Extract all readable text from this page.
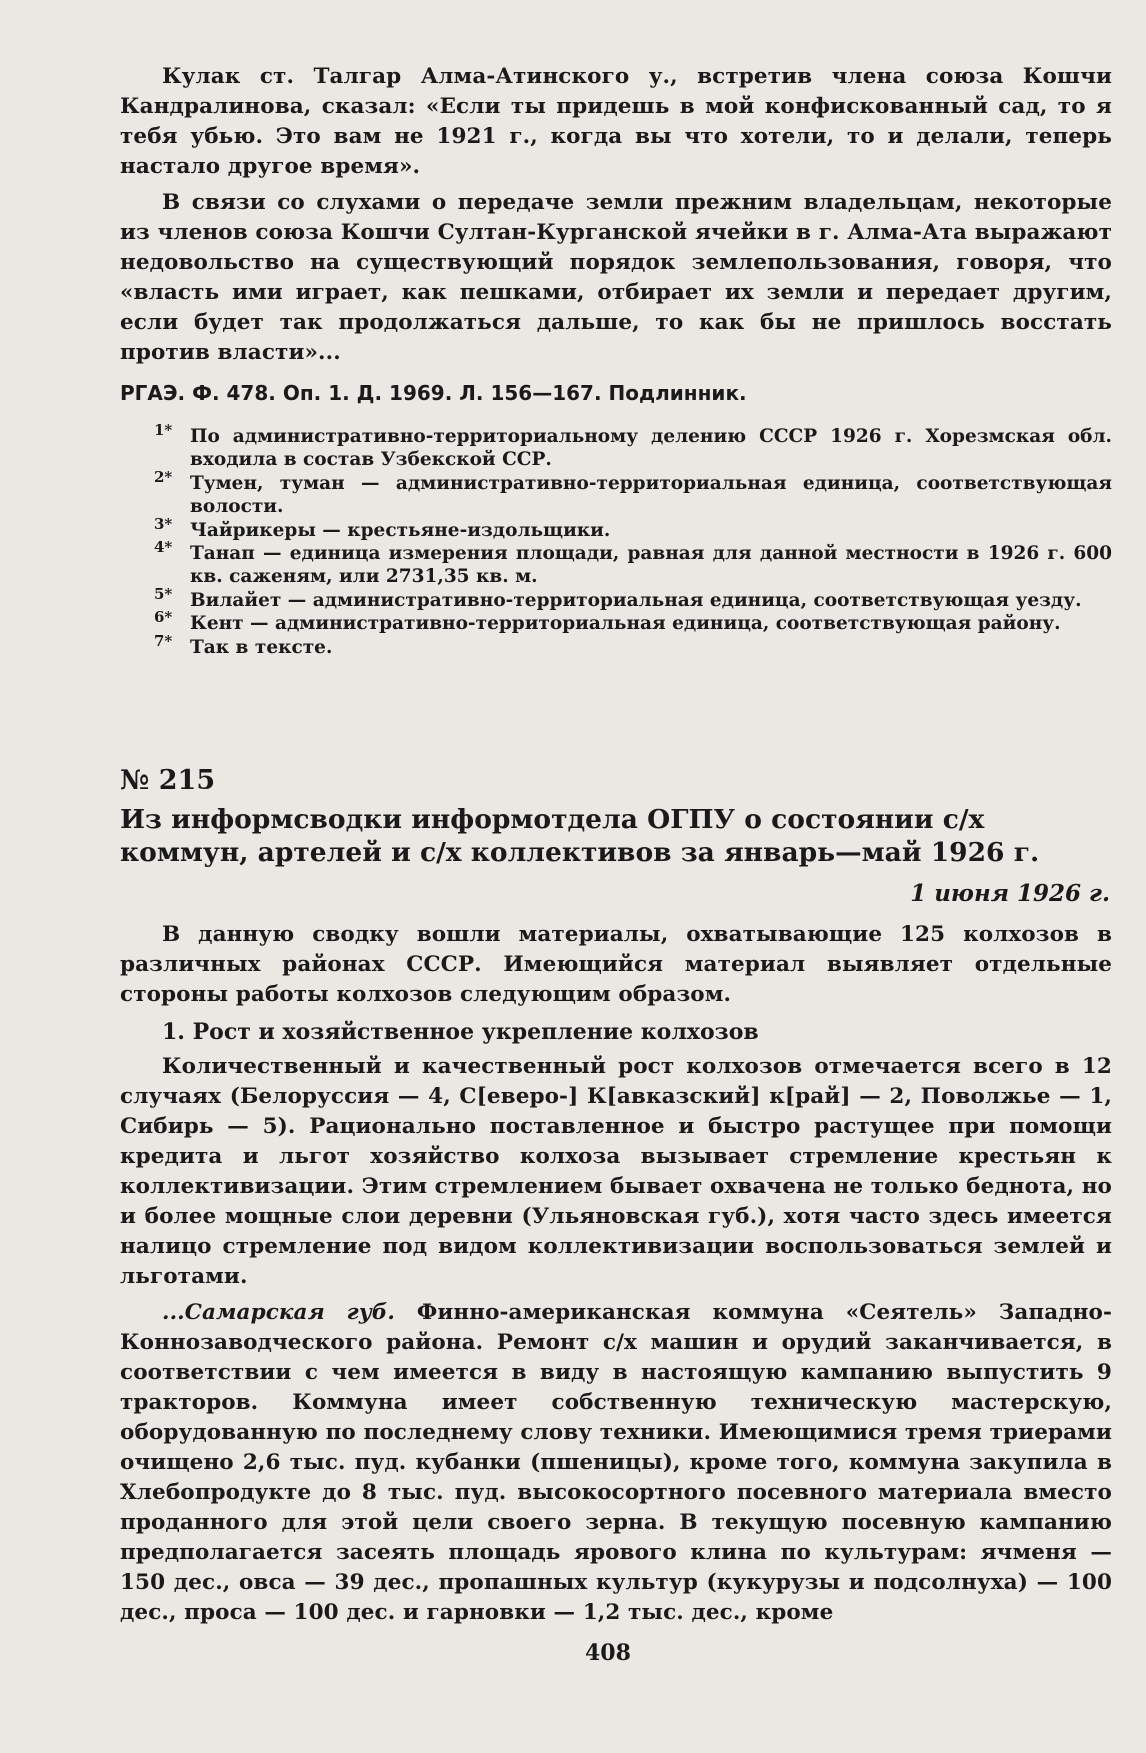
Кулак ст. Талгар Алма-Атинского у., встретив члена союза Кошчи Кандралинова, сказал: «Если ты придешь в мой конфискованный сад, то я тебя убью. Это вам не 1921 г., когда вы что хотели, то и делали, теперь настало другое время».

В связи со слухами о передаче земли прежним владельцам, некоторые из членов союза Кошчи Султан-Курганской ячейки в г. Алма-Ата выражают недовольство на существующий порядок землепользования, говоря, что «власть ими играет, как пешками, отбирает их земли и передает другим, если будет так продолжаться дальше, то как бы не пришлось восстать против власти»...

РГАЭ. Ф. 478. Оп. 1. Д. 1969. Л. 156—167. Подлинник.

1* По административно-территориальному делению СССР 1926 г. Хорезмская обл. входила в состав Узбекской ССР.

2* Тумен, туман — административно-территориальная единица, соответствующая волости.

3* Чайрикеры — крестьяне-издольщики.

4* Танап — единица измерения площади, равная для данной местности в 1926 г. 600 кв. саженям, или 2731,35 кв. м.

5* Вилайет — административно-территориальная единица, соответствующая уезду.

6* Кент — административно-территориальная единица, соответствующая району.

7* Так в тексте.

№ 215
Из информсводки информотдела ОГПУ о состоянии с/х коммун, артелей и с/х коллективов за январь—май 1926 г.
1 июня 1926 г.

В данную сводку вошли материалы, охватывающие 125 колхозов в различных районах СССР. Имеющийся материал выявляет отдельные стороны работы колхозов следующим образом.

1. Рост и хозяйственное укрепление колхозов

Количественный и качественный рост колхозов отмечается всего в 12 случаях (Белоруссия — 4, С[еверо-] К[авказский] к[рай] — 2, Поволжье — 1, Сибирь — 5). Рационально поставленное и быстро растущее при помощи кредита и льгот хозяйство колхоза вызывает стремление крестьян к коллективизации. Этим стремлением бывает охвачена не только беднота, но и более мощные слои деревни (Ульяновская губ.), хотя часто здесь имеется налицо стремление под видом коллективизации воспользоваться землей и льготами.

...Самарская губ. Финно-американская коммуна «Сеятель» Западно-Коннозаводческого района. Ремонт с/х машин и орудий заканчивается, в соответствии с чем имеется в виду в настоящую кампанию выпустить 9 тракторов. Коммуна имеет собственную техническую мастерскую, оборудованную по последнему слову техники. Имеющимися тремя триерами очищено 2,6 тыс. пуд. кубанки (пшеницы), кроме того, коммуна закупила в Хлебопродукте до 8 тыс. пуд. высокосортного посевного материала вместо проданного для этой цели своего зерна. В текущую посевную кампанию предполагается засеять площадь ярового клина по культурам: ячменя — 150 дес., овса — 39 дес., пропашных культур (кукурузы и подсолнуха) — 100 дес., проса — 100 дес. и гарновки — 1,2 тыс. дес., кроме

408
